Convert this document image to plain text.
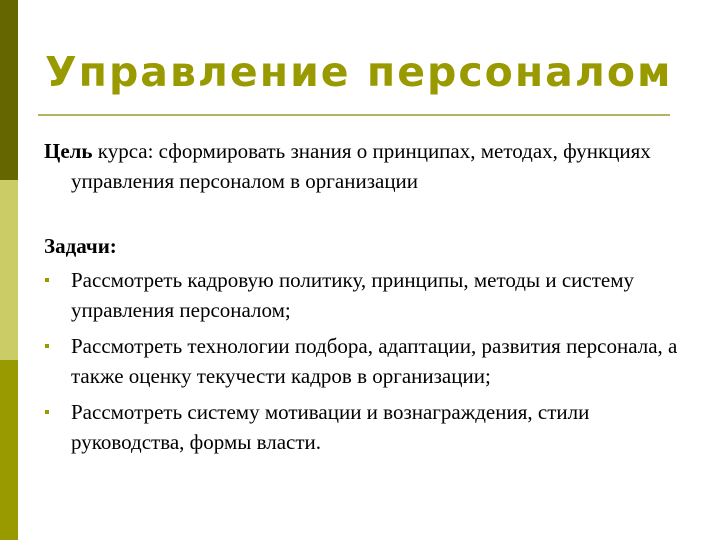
Управление персоналом

Цель курса: сформировать знания о принципах, методах, функциях управления персоналом в организации

Задачи:

Рассмотреть кадровую политику, принципы, методы и систему управления персоналом;
Рассмотреть технологии подбора, адаптации, развития персонала, а также оценку текучести кадров в организации;
Рассмотреть систему мотивации и вознаграждения, стили руководства, формы власти.
